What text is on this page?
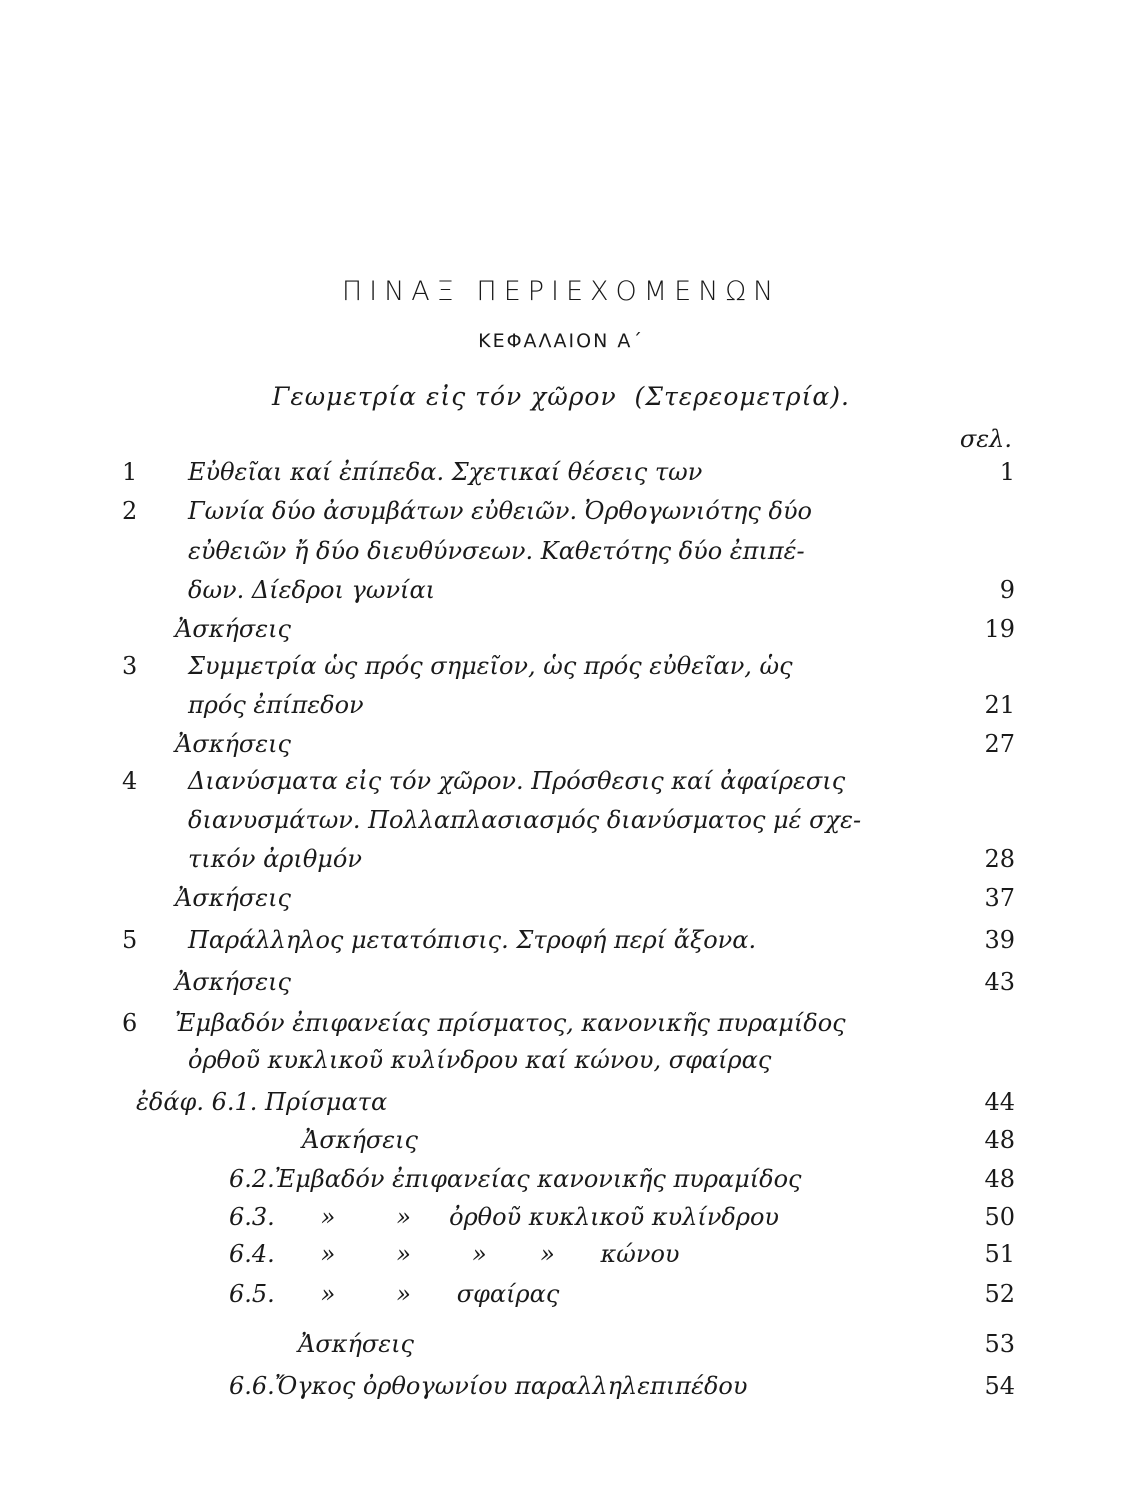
ΠΙΝΑΞ ΠΕΡΙΕΧΟΜΕΝΩΝ
ΚΕΦΑΛΑΙΟΝ Α΄
Γεωμετρία εἰς τόν χῶρον  (Στερεομετρία).
σελ.
1 Εὐθεῖαι καί ἐπίπεδα. Σχετικαί θέσεις των	1
2 Γωνία δύο ἀσυμβάτων εὐθειῶν. Ὀρθογωνιότης δύο
εὐθειῶν ἤ δύο διευθύνσεων. Καθετότης δύο ἐπιπέ-
δων. Δίεδροι γωνίαι	9
Ἀσκήσεις	19
3 Συμμετρία ὡς πρός σημεῖον, ὡς πρός εὐθεῖαν, ὡς
πρός ἐπίπεδον	21
Ἀσκήσεις	27
4 Διανύσματα εἰς τόν χῶρον. Πρόσθεσις καί ἀφαίρεσις
διανυσμάτων. Πολλαπλασιασμός διανύσματος μέ σχε-
τικόν ἀριθμόν	28
Ἀσκήσεις	37
5 Παράλληλος μετατόπισις. Στροφή περί ἄξονα.	39
Ἀσκήσεις	43
6 Ἐμβαδόν ἐπιφανείας πρίσματος, κανονικῆς πυραμίδος
ὀρθοῦ κυκλικοῦ κυλίνδρου καί κώνου, σφαίρας
ἐδάφ. 6.1. Πρίσματα	44
Ἀσκήσεις	48
6.2.Ἐμβαδόν ἐπιφανείας κανονικῆς πυραμίδος	48
6.3.      »        »     ὀρθοῦ κυκλικοῦ κυλίνδρου	50
6.4.      »        »        »       »      κώνου	51
6.5.      »        »      σφαίρας	52
Ἀσκήσεις	53
6.6.Ὄγκος ὀρθογωνίου παραλληλεπιπέδου	54
